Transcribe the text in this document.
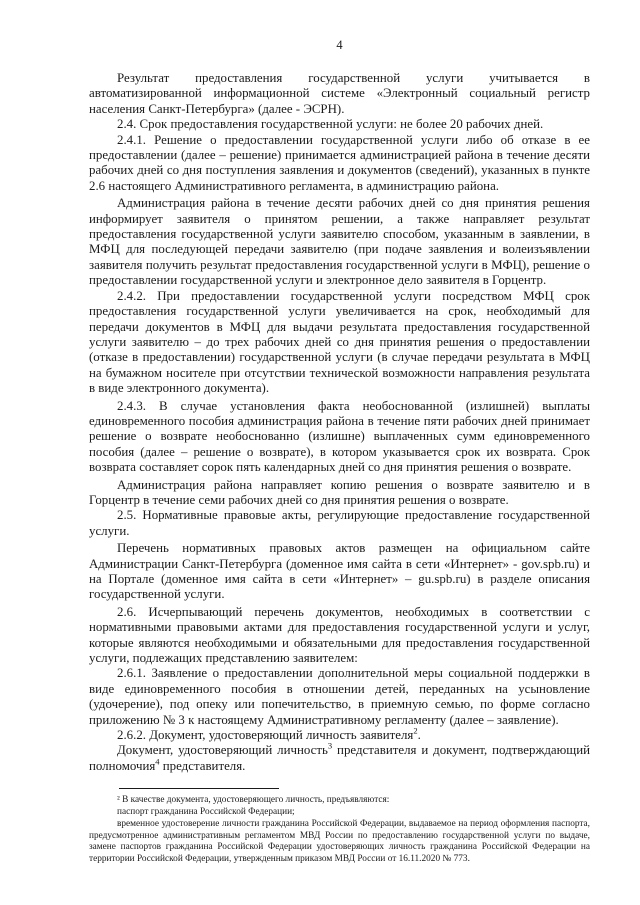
4

Результат предоставления государственной услуги учитывается в автоматизированной информационной системе «Электронный социальный регистр населения Санкт-Петербурга» (далее - ЭСРН).

2.4. Срок предоставления государственной услуги: не более 20 рабочих дней.

2.4.1. Решение о предоставлении государственной услуги либо об отказе в ее предоставлении (далее – решение) принимается администрацией района в течение десяти рабочих дней со дня поступления заявления и документов (сведений), указанных в пункте 2.6 настоящего Административного регламента, в администрацию района.

Администрация района в течение десяти рабочих дней со дня принятия решения информирует заявителя о принятом решении, а также направляет результат предоставления государственной услуги заявителю способом, указанным в заявлении, в МФЦ для последующей передачи заявителю (при подаче заявления и волеизъявлении заявителя получить результат предоставления государственной услуги в МФЦ), решение о предоставлении государственной услуги и электронное дело заявителя в Горцентр.

2.4.2. При предоставлении государственной услуги посредством МФЦ срок предоставления государственной услуги увеличивается на срок, необходимый для передачи документов в МФЦ для выдачи результата предоставления государственной услуги заявителю – до трех рабочих дней со дня принятия решения о предоставлении (отказе в предоставлении) государственной услуги (в случае передачи результата в МФЦ на бумажном носителе при отсутствии технической возможности направления результата в виде электронного документа).

2.4.3. В случае установления факта необоснованной (излишней) выплаты единовременного пособия администрация района в течение пяти рабочих дней принимает решение о возврате необоснованно (излишне) выплаченных сумм единовременного пособия (далее – решение о возврате), в котором указывается срок их возврата. Срок возврата составляет сорок пять календарных дней со дня принятия решения о возврате.

Администрация района направляет копию решения о возврате заявителю и в Горцентр в течение семи рабочих дней со дня принятия решения о возврате.

2.5. Нормативные правовые акты, регулирующие предоставление государственной услуги.

Перечень нормативных правовых актов размещен на официальном сайте Администрации Санкт-Петербурга (доменное имя сайта в сети «Интернет» - gov.spb.ru) и на Портале (доменное имя сайта в сети «Интернет» – gu.spb.ru) в разделе описания государственной услуги.

2.6. Исчерпывающий перечень документов, необходимых в соответствии с нормативными правовыми актами для предоставления государственной услуги и услуг, которые являются необходимыми и обязательными для предоставления государственной услуги, подлежащих представлению заявителем:

2.6.1. Заявление о предоставлении дополнительной меры социальной поддержки в виде единовременного пособия в отношении детей, переданных на усыновление (удочерение), под опеку или попечительство, в приемную семью, по форме согласно приложению № 3 к настоящему Административному регламенту (далее – заявление).

2.6.2. Документ, удостоверяющий личность заявителя$^2$.

Документ, удостоверяющий личность$^3$ представителя и документ, подтверждающий полномочия$^4$ представителя.

² В качестве документа, удостоверяющего личность, предъявляются:

паспорт гражданина Российской Федерации;

временное удостоверение личности гражданина Российской Федерации, выдаваемое на период оформления паспорта, предусмотренное административным регламентом МВД России по предоставлению государственной услуги по выдаче, замене паспортов гражданина Российской Федерации удостоверяющих личность гражданина Российской Федерации на территории Российской Федерации, утвержденным приказом МВД России от 16.11.2020 № 773.
